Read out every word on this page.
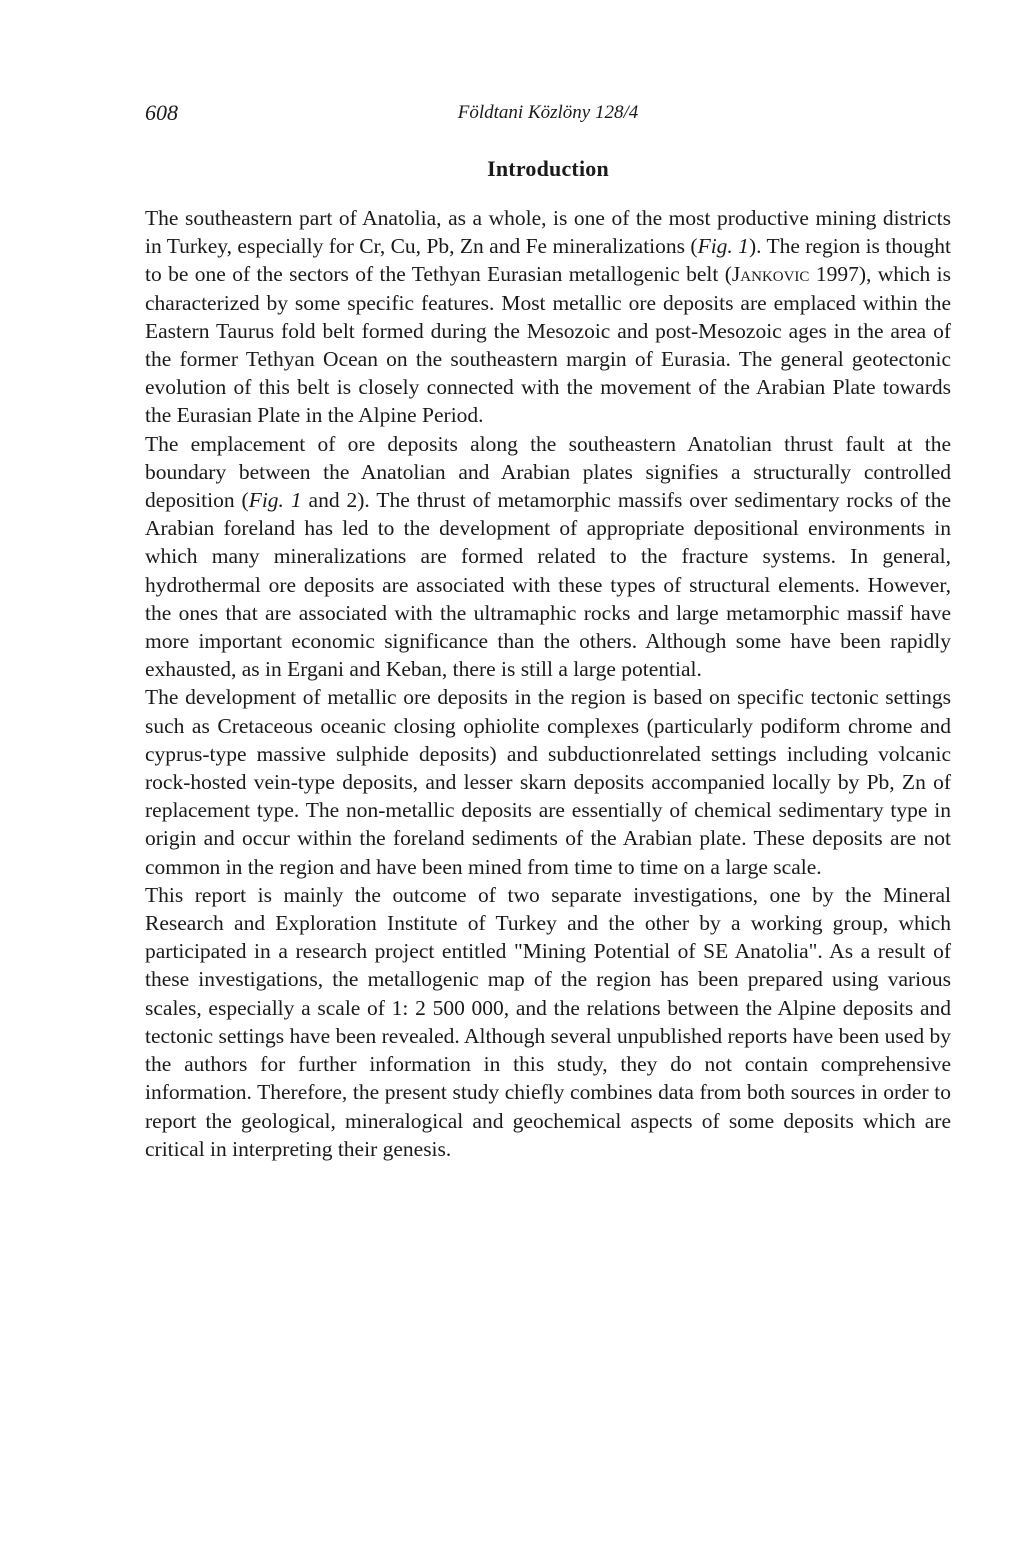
608	Földtani Közlöny 128/4
Introduction

The southeastern part of Anatolia, as a whole, is one of the most productive mining districts in Turkey, especially for Cr, Cu, Pb, Zn and Fe mineralizations (Fig. 1). The region is thought to be one of the sectors of the Tethyan Eurasian metallogenic belt (Jankovic 1997), which is characterized by some specific features. Most metallic ore deposits are emplaced within the Eastern Taurus fold belt formed during the Mesozoic and post-Mesozoic ages in the area of the former Tethyan Ocean on the southeastern margin of Eurasia. The general geotectonic evolution of this belt is closely connected with the movement of the Arabian Plate towards the Eurasian Plate in the Alpine Period.

The emplacement of ore deposits along the southeastern Anatolian thrust fault at the boundary between the Anatolian and Arabian plates signifies a structurally controlled deposition (Fig. 1 and 2). The thrust of metamorphic massifs over sedimentary rocks of the Arabian foreland has led to the development of appropriate depositional environments in which many mineralizations are formed related to the fracture systems. In general, hydrothermal ore deposits are associated with these types of structural elements. However, the ones that are associated with the ultramaphic rocks and large metamorphic massif have more important economic significance than the others. Although some have been rapidly exhausted, as in Ergani and Keban, there is still a large potential.

The development of metallic ore deposits in the region is based on specific tectonic settings such as Cretaceous oceanic closing ophiolite complexes (particularly podiform chrome and cyprus-type massive sulphide deposits) and subductionrelated settings including volcanic rock-hosted vein-type deposits, and lesser skarn deposits accompanied locally by Pb, Zn of replacement type. The non-metallic deposits are essentially of chemical sedimentary type in origin and occur within the foreland sediments of the Arabian plate. These deposits are not common in the region and have been mined from time to time on a large scale.

This report is mainly the outcome of two separate investigations, one by the Mineral Research and Exploration Institute of Turkey and the other by a working group, which participated in a research project entitled "Mining Potential of SE Anatolia". As a result of these investigations, the metallogenic map of the region has been prepared using various scales, especially a scale of 1: 2 500 000, and the relations between the Alpine deposits and tectonic settings have been revealed. Although several unpublished reports have been used by the authors for further information in this study, they do not contain comprehensive information. Therefore, the present study chiefly combines data from both sources in order to report the geological, mineralogical and geochemical aspects of some deposits which are critical in interpreting their genesis.
